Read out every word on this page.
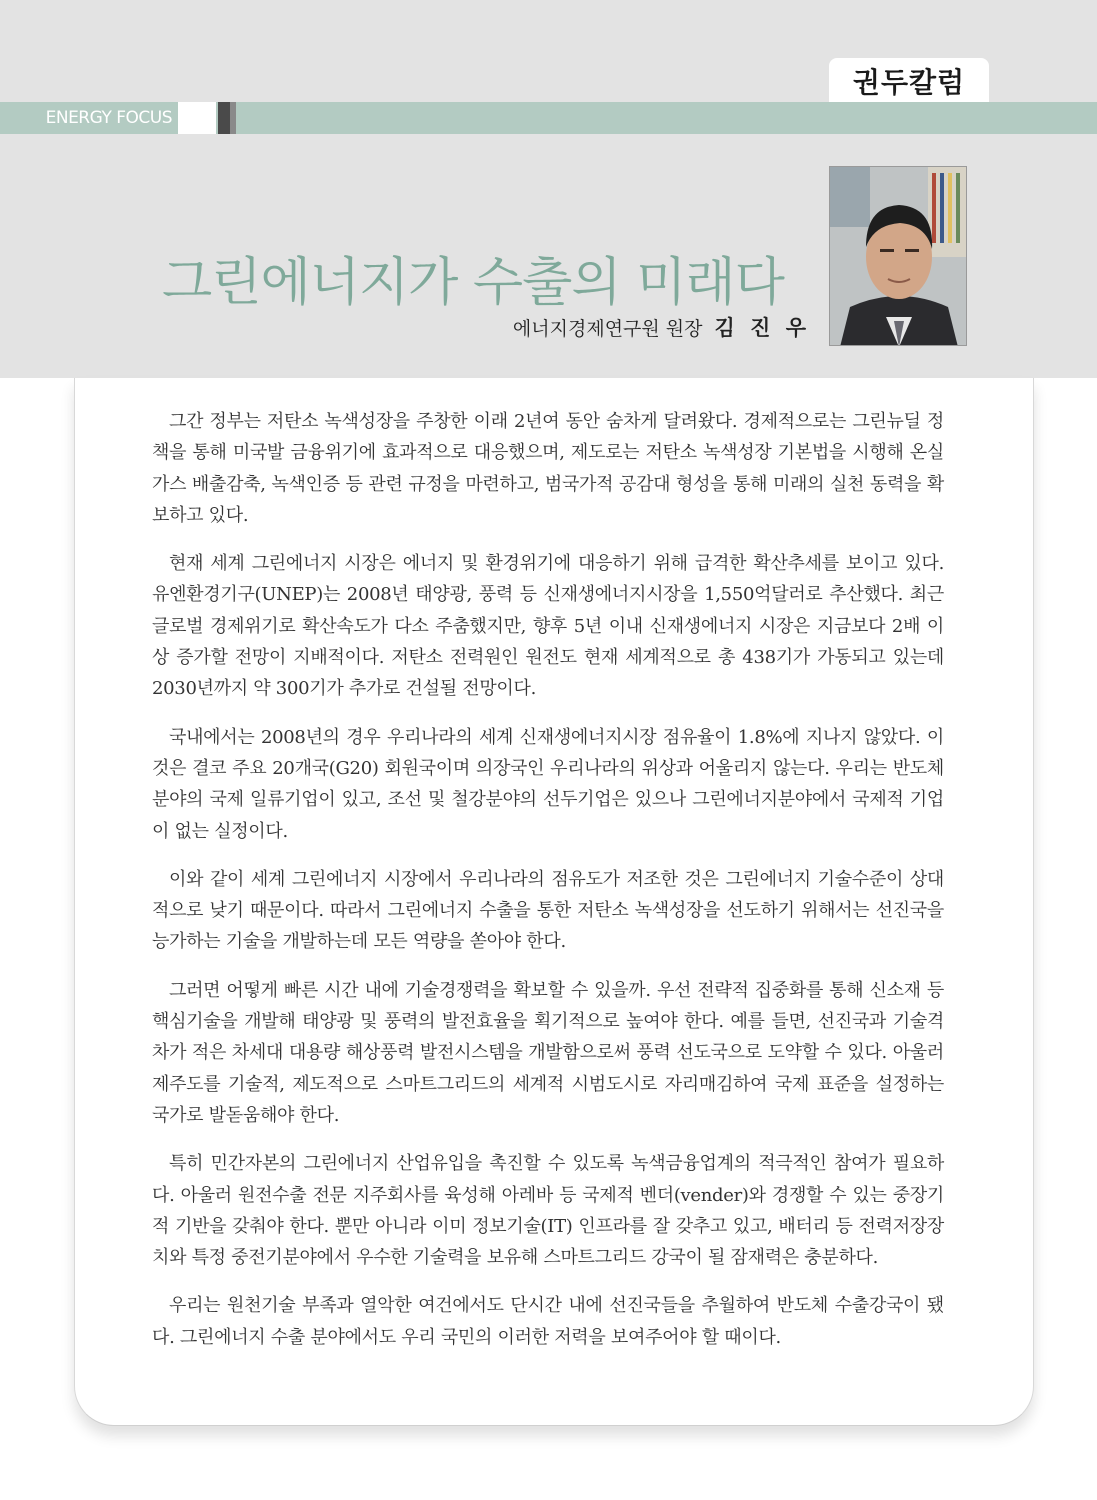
권두칼럼
ENERGY FOCUS
그린에너지가 수출의 미래다
에너지경제연구원 원장 김 진 우

그간 정부는 저탄소 녹색성장을 주창한 이래 2년여 동안 숨차게 달려왔다. 경제적으로는 그린뉴딜 정책을 통해 미국발 금융위기에 효과적으로 대응했으며, 제도로는 저탄소 녹색성장 기본법을 시행해 온실가스 배출감축, 녹색인증 등 관련 규정을 마련하고, 범국가적 공감대 형성을 통해 미래의 실천 동력을 확보하고 있다.

현재 세계 그린에너지 시장은 에너지 및 환경위기에 대응하기 위해 급격한 확산추세를 보이고 있다. 유엔환경기구(UNEP)는 2008년 태양광, 풍력 등 신재생에너지시장을 1,550억달러로 추산했다. 최근 글로벌 경제위기로 확산속도가 다소 주춤했지만, 향후 5년 이내 신재생에너지 시장은 지금보다 2배 이상 증가할 전망이 지배적이다. 저탄소 전력원인 원전도 현재 세계적으로 총 438기가 가동되고 있는데 2030년까지 약 300기가 추가로 건설될 전망이다.

국내에서는 2008년의 경우 우리나라의 세계 신재생에너지시장 점유율이 1.8%에 지나지 않았다. 이것은 결코 주요 20개국(G20) 회원국이며 의장국인 우리나라의 위상과 어울리지 않는다. 우리는 반도체분야의 국제 일류기업이 있고, 조선 및 철강분야의 선두기업은 있으나 그린에너지분야에서 국제적 기업이 없는 실정이다.

이와 같이 세계 그린에너지 시장에서 우리나라의 점유도가 저조한 것은 그린에너지 기술수준이 상대적으로 낮기 때문이다. 따라서 그린에너지 수출을 통한 저탄소 녹색성장을 선도하기 위해서는 선진국을 능가하는 기술을 개발하는데 모든 역량을 쏟아야 한다.

그러면 어떻게 빠른 시간 내에 기술경쟁력을 확보할 수 있을까. 우선 전략적 집중화를 통해 신소재 등 핵심기술을 개발해 태양광 및 풍력의 발전효율을 획기적으로 높여야 한다. 예를 들면, 선진국과 기술격차가 적은 차세대 대용량 해상풍력 발전시스템을 개발함으로써 풍력 선도국으로 도약할 수 있다. 아울러 제주도를 기술적, 제도적으로 스마트그리드의 세계적 시범도시로 자리매김하여 국제 표준을 설정하는 국가로 발돋움해야 한다.

특히 민간자본의 그린에너지 산업유입을 촉진할 수 있도록 녹색금융업계의 적극적인 참여가 필요하다. 아울러 원전수출 전문 지주회사를 육성해 아레바 등 국제적 벤더(vender)와 경쟁할 수 있는 중장기적 기반을 갖춰야 한다. 뿐만 아니라 이미 정보기술(IT) 인프라를 잘 갖추고 있고, 배터리 등 전력저장장치와 특정 중전기분야에서 우수한 기술력을 보유해 스마트그리드 강국이 될 잠재력은 충분하다.

우리는 원천기술 부족과 열악한 여건에서도 단시간 내에 선진국들을 추월하여 반도체 수출강국이 됐다. 그린에너지 수출 분야에서도 우리 국민의 이러한 저력을 보여주어야 할 때이다.
